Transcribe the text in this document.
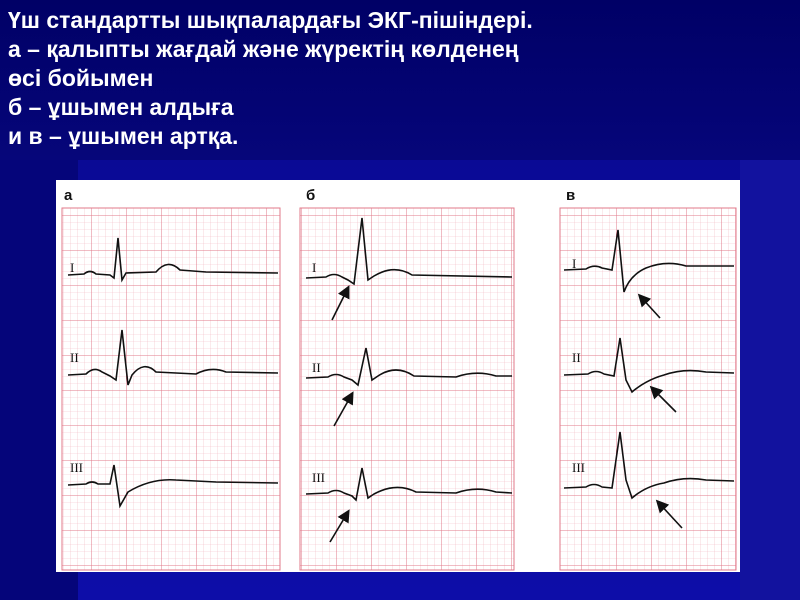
Үш стандартты шықпалардағы ЭКГ-пішіндері.
а – қалыпты жағдай және жүректің көлденең
өсі бойымен
б – ұшымен алдыға
и в – ұшымен артқа.
а
I
II
III
б
I
II
III
в
I
II
III
